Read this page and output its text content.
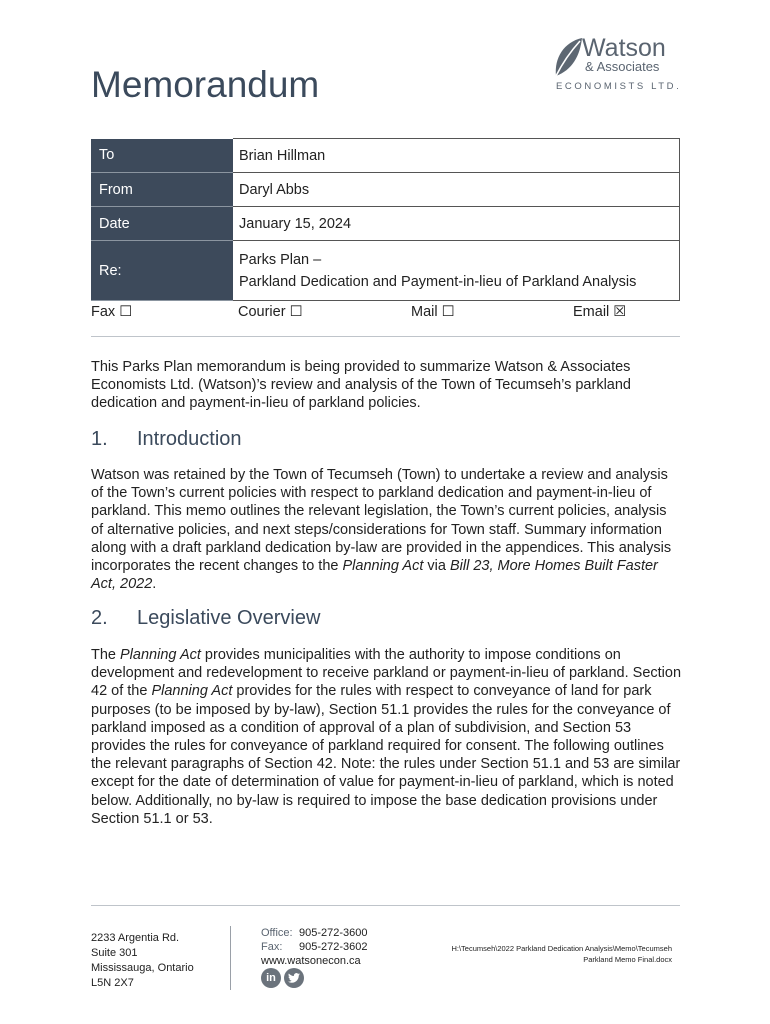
Memorandum
Watson
& Associates
ECONOMISTS LTD.
To	Brian Hillman
From	Daryl Abbs
Date	January 15, 2024
Re:	Parks Plan –
Parkland Dedication and Payment-in-lieu of Parkland Analysis
Fax ☐	Courier ☐	Mail ☐	Email ☒
This Parks Plan memorandum is being provided to summarize Watson & Associates Economists Ltd. (Watson)’s review and analysis of the Town of Tecumseh’s parkland dedication and payment-in-lieu of parkland policies.
1. Introduction
Watson was retained by the Town of Tecumseh (Town) to undertake a review and analysis of the Town’s current policies with respect to parkland dedication and payment-in-lieu of parkland. This memo outlines the relevant legislation, the Town’s current policies, analysis of alternative policies, and next steps/considerations for Town staff. Summary information along with a draft parkland dedication by-law are provided in the appendices. This analysis incorporates the recent changes to the Planning Act via Bill 23, More Homes Built Faster Act, 2022.
2. Legislative Overview
The Planning Act provides municipalities with the authority to impose conditions on development and redevelopment to receive parkland or payment-in-lieu of parkland. Section 42 of the Planning Act provides for the rules with respect to conveyance of land for park purposes (to be imposed by by-law), Section 51.1 provides the rules for the conveyance of parkland imposed as a condition of approval of a plan of subdivision, and Section 53 provides the rules for conveyance of parkland required for consent. The following outlines the relevant paragraphs of Section 42. Note: the rules under Section 51.1 and 53 are similar except for the date of determination of value for payment-in-lieu of parkland, which is noted below. Additionally, no by-law is required to impose the base dedication provisions under Section 51.1 or 53.
2233 Argentia Rd.
Suite 301
Mississauga, Ontario
L5N 2X7
Office: 905-272-3600
Fax: 905-272-3602
www.watsonecon.ca
in
H:\Tecumseh\2022 Parkland Dedication Analysis\Memo\Tecumseh
Parkland Memo Final.docx
